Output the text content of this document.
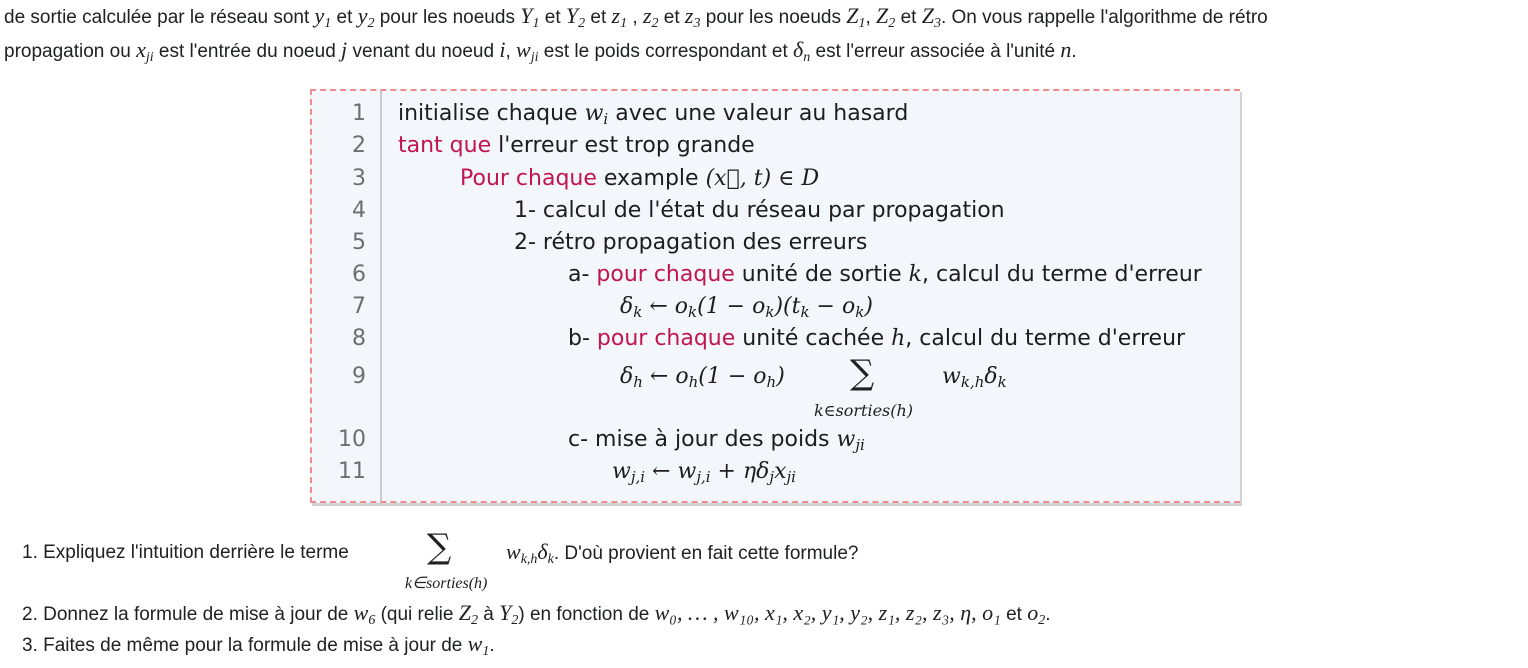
de sortie calculée par le réseau sont $y_1$ et $y_2$ pour les noeuds $Y_1$ et $Y_2$ et $z_1$ , $z_2$ et $z_3$ pour les noeuds $Z_1$, $Z_2$ et $Z_3$. On vous rappelle l'algorithme de rétro

propagation ou $x_{ji}$ est l'entrée du noeud j venant du noeud i, $w_{ji}$ est le poids correspondant et $\delta_n$ est l'erreur associée à l'unité n.

1
2
3
4
5
6
7
8
9
10
11
initialise chaque $w_i$ avec une valeur au hasard
tant que l'erreur est trop grande
Pour chaque example (x⃗, t) ∈ D
1- calcul de l'état du réseau par propagation
2- rétro propagation des erreurs
a- pour chaque unité de sortie k, calcul du terme d'erreur
$\delta_k$ ← $o_k(1 - o_k)(t_k - o_k)$
b- pour chaque unité cachée h, calcul du terme d'erreur
$\delta_h$ ← $o_h(1 - o_h)$ ∑
k∈sorties(h)
$w_{k,h}\delta_k$
c- mise à jour des poids $w_{ji}$
$w_{j,i}$ ← $w_{j,i} + \eta\delta_jx_{ji}$
1. Expliquez l'intuition derrière le terme ∑
k∈sorties(h)
$w_{k,h}\delta_k$. D'où provient en fait cette formule?
2. Donnez la formule de mise à jour de $w_6$ (qui relie $Z_2$ à $Y_2$) en fonction de w₀, … , w₁₀, x₁, x₂, y₁, y₂, z₁, z₂, z₃, η, o₁ et $o_2$.
3. Faites de même pour la formule de mise à jour de $w_1$.
